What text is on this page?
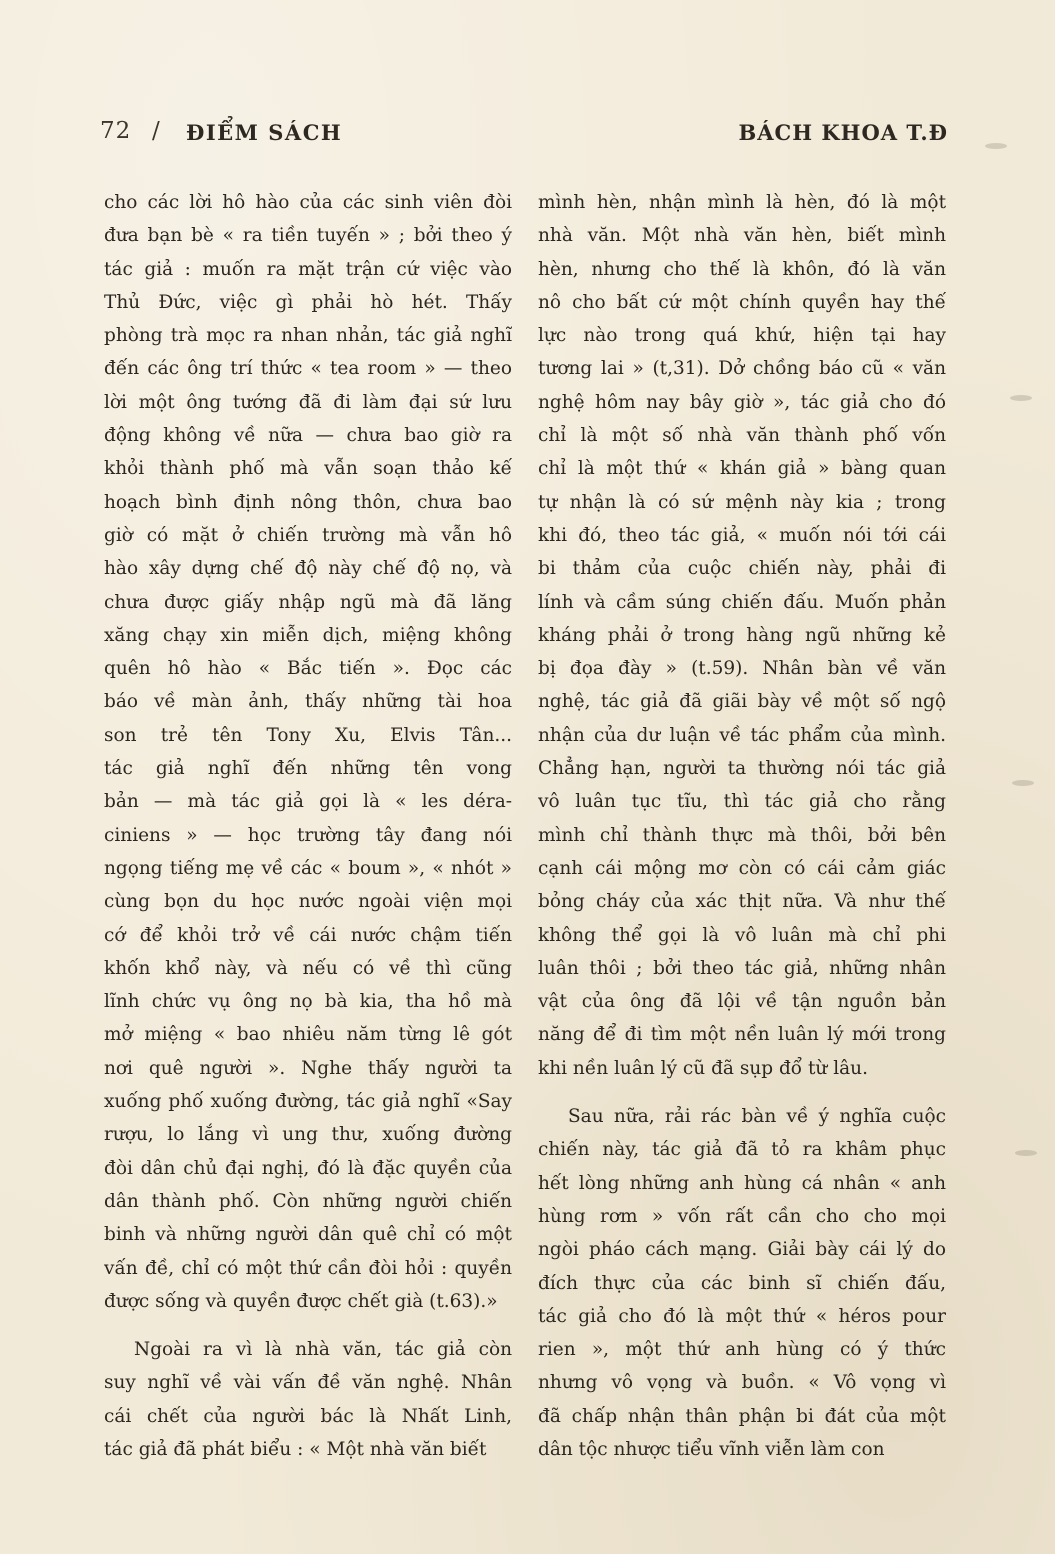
72 / ĐIỂM SÁCH	BÁCH KHOA T.Đ
cho các lời hô hào của các sinh viên đòi
đưa bạn bè « ra tiền tuyến » ; bởi theo ý
tác giả : muốn ra mặt trận cứ việc vào
Thủ Đức, việc gì phải hò hét. Thấy
phòng trà mọc ra nhan nhản, tác giả nghĩ
đến các ông trí thức « tea room » — theo
lời một ông tướng đã đi làm đại sứ lưu
động không về nữa — chưa bao giờ ra
khỏi thành phố mà vẫn soạn thảo kế
hoạch bình định nông thôn, chưa bao
giờ có mặt ở chiến trường mà vẫn hô
hào xây dựng chế độ này chế độ nọ, và
chưa được giấy nhập ngũ mà đã lăng
xăng chạy xin miễn dịch, miệng không
quên hô hào « Bắc tiến ». Đọc các
báo về màn ảnh, thấy những tài hoa
son trẻ tên Tony Xu, Elvis Tân...
tác giả nghĩ đến những tên vong
bản — mà tác giả gọi là « les déra-
ciniens » — học trường tây đang nói
ngọng tiếng mẹ về các « boum », « nhót »
cùng bọn du học nước ngoài viện mọi
cớ để khỏi trở về cái nước chậm tiến
khốn khổ này, và nếu có về thì cũng
lĩnh chức vụ ông nọ bà kia, tha hồ mà
mở miệng « bao nhiêu năm từng lê gót
nơi quê người ». Nghe thấy người ta
xuống phố xuống đường, tác giả nghĩ «Say
rượu, lo lắng vì ung thư, xuống đường
đòi dân chủ đại nghị, đó là đặc quyền của
dân thành phố. Còn những người chiến
binh và những người dân quê chỉ có một
vấn đề, chỉ có một thứ cần đòi hỏi : quyền
được sống và quyền được chết già (t.63).»
Ngoài ra vì là nhà văn, tác giả còn
suy nghĩ về vài vấn đề văn nghệ. Nhân
cái chết của người bác là Nhất Linh,
tác giả đã phát biểu : « Một nhà văn biết
mình hèn, nhận mình là hèn, đó là một
nhà văn. Một nhà văn hèn, biết mình
hèn, nhưng cho thế là khôn, đó là văn
nô cho bất cứ một chính quyền hay thế
lực nào trong quá khứ, hiện tại hay
tương lai » (t,31). Dở chồng báo cũ « văn
nghệ hôm nay bây giờ », tác giả cho đó
chỉ là một số nhà văn thành phố vốn
chỉ là một thứ « khán giả » bàng quan
tự nhận là có sứ mệnh này kia ; trong
khi đó, theo tác giả, « muốn nói tới cái
bi thảm của cuộc chiến này, phải đi
lính và cầm súng chiến đấu. Muốn phản
kháng phải ở trong hàng ngũ những kẻ
bị đọa đày » (t.59). Nhân bàn về văn
nghệ, tác giả đã giãi bày về một số ngộ
nhận của dư luận về tác phẩm của mình.
Chẳng hạn, người ta thường nói tác giả
vô luân tục tĩu, thì tác giả cho rằng
mình chỉ thành thực mà thôi, bởi bên
cạnh cái mộng mơ còn có cái cảm giác
bỏng cháy của xác thịt nữa. Và như thế
không thể gọi là vô luân mà chỉ phi
luân thôi ; bởi theo tác giả, những nhân
vật của ông đã lội về tận nguồn bản
năng để đi tìm một nền luân lý mới trong
khi nền luân lý cũ đã sụp đổ từ lâu.
Sau nữa, rải rác bàn về ý nghĩa cuộc
chiến này, tác giả đã tỏ ra khâm phục
hết lòng những anh hùng cá nhân « anh
hùng rơm » vốn rất cần cho cho mọi
ngòi pháo cách mạng. Giải bày cái lý do
đích thực của các binh sĩ chiến đấu,
tác giả cho đó là một thứ « héros pour
rien », một thứ anh hùng có ý thức
nhưng vô vọng và buồn. « Vô vọng vì
đã chấp nhận thân phận bi đát của một
dân tộc nhược tiểu vĩnh viễn làm con
